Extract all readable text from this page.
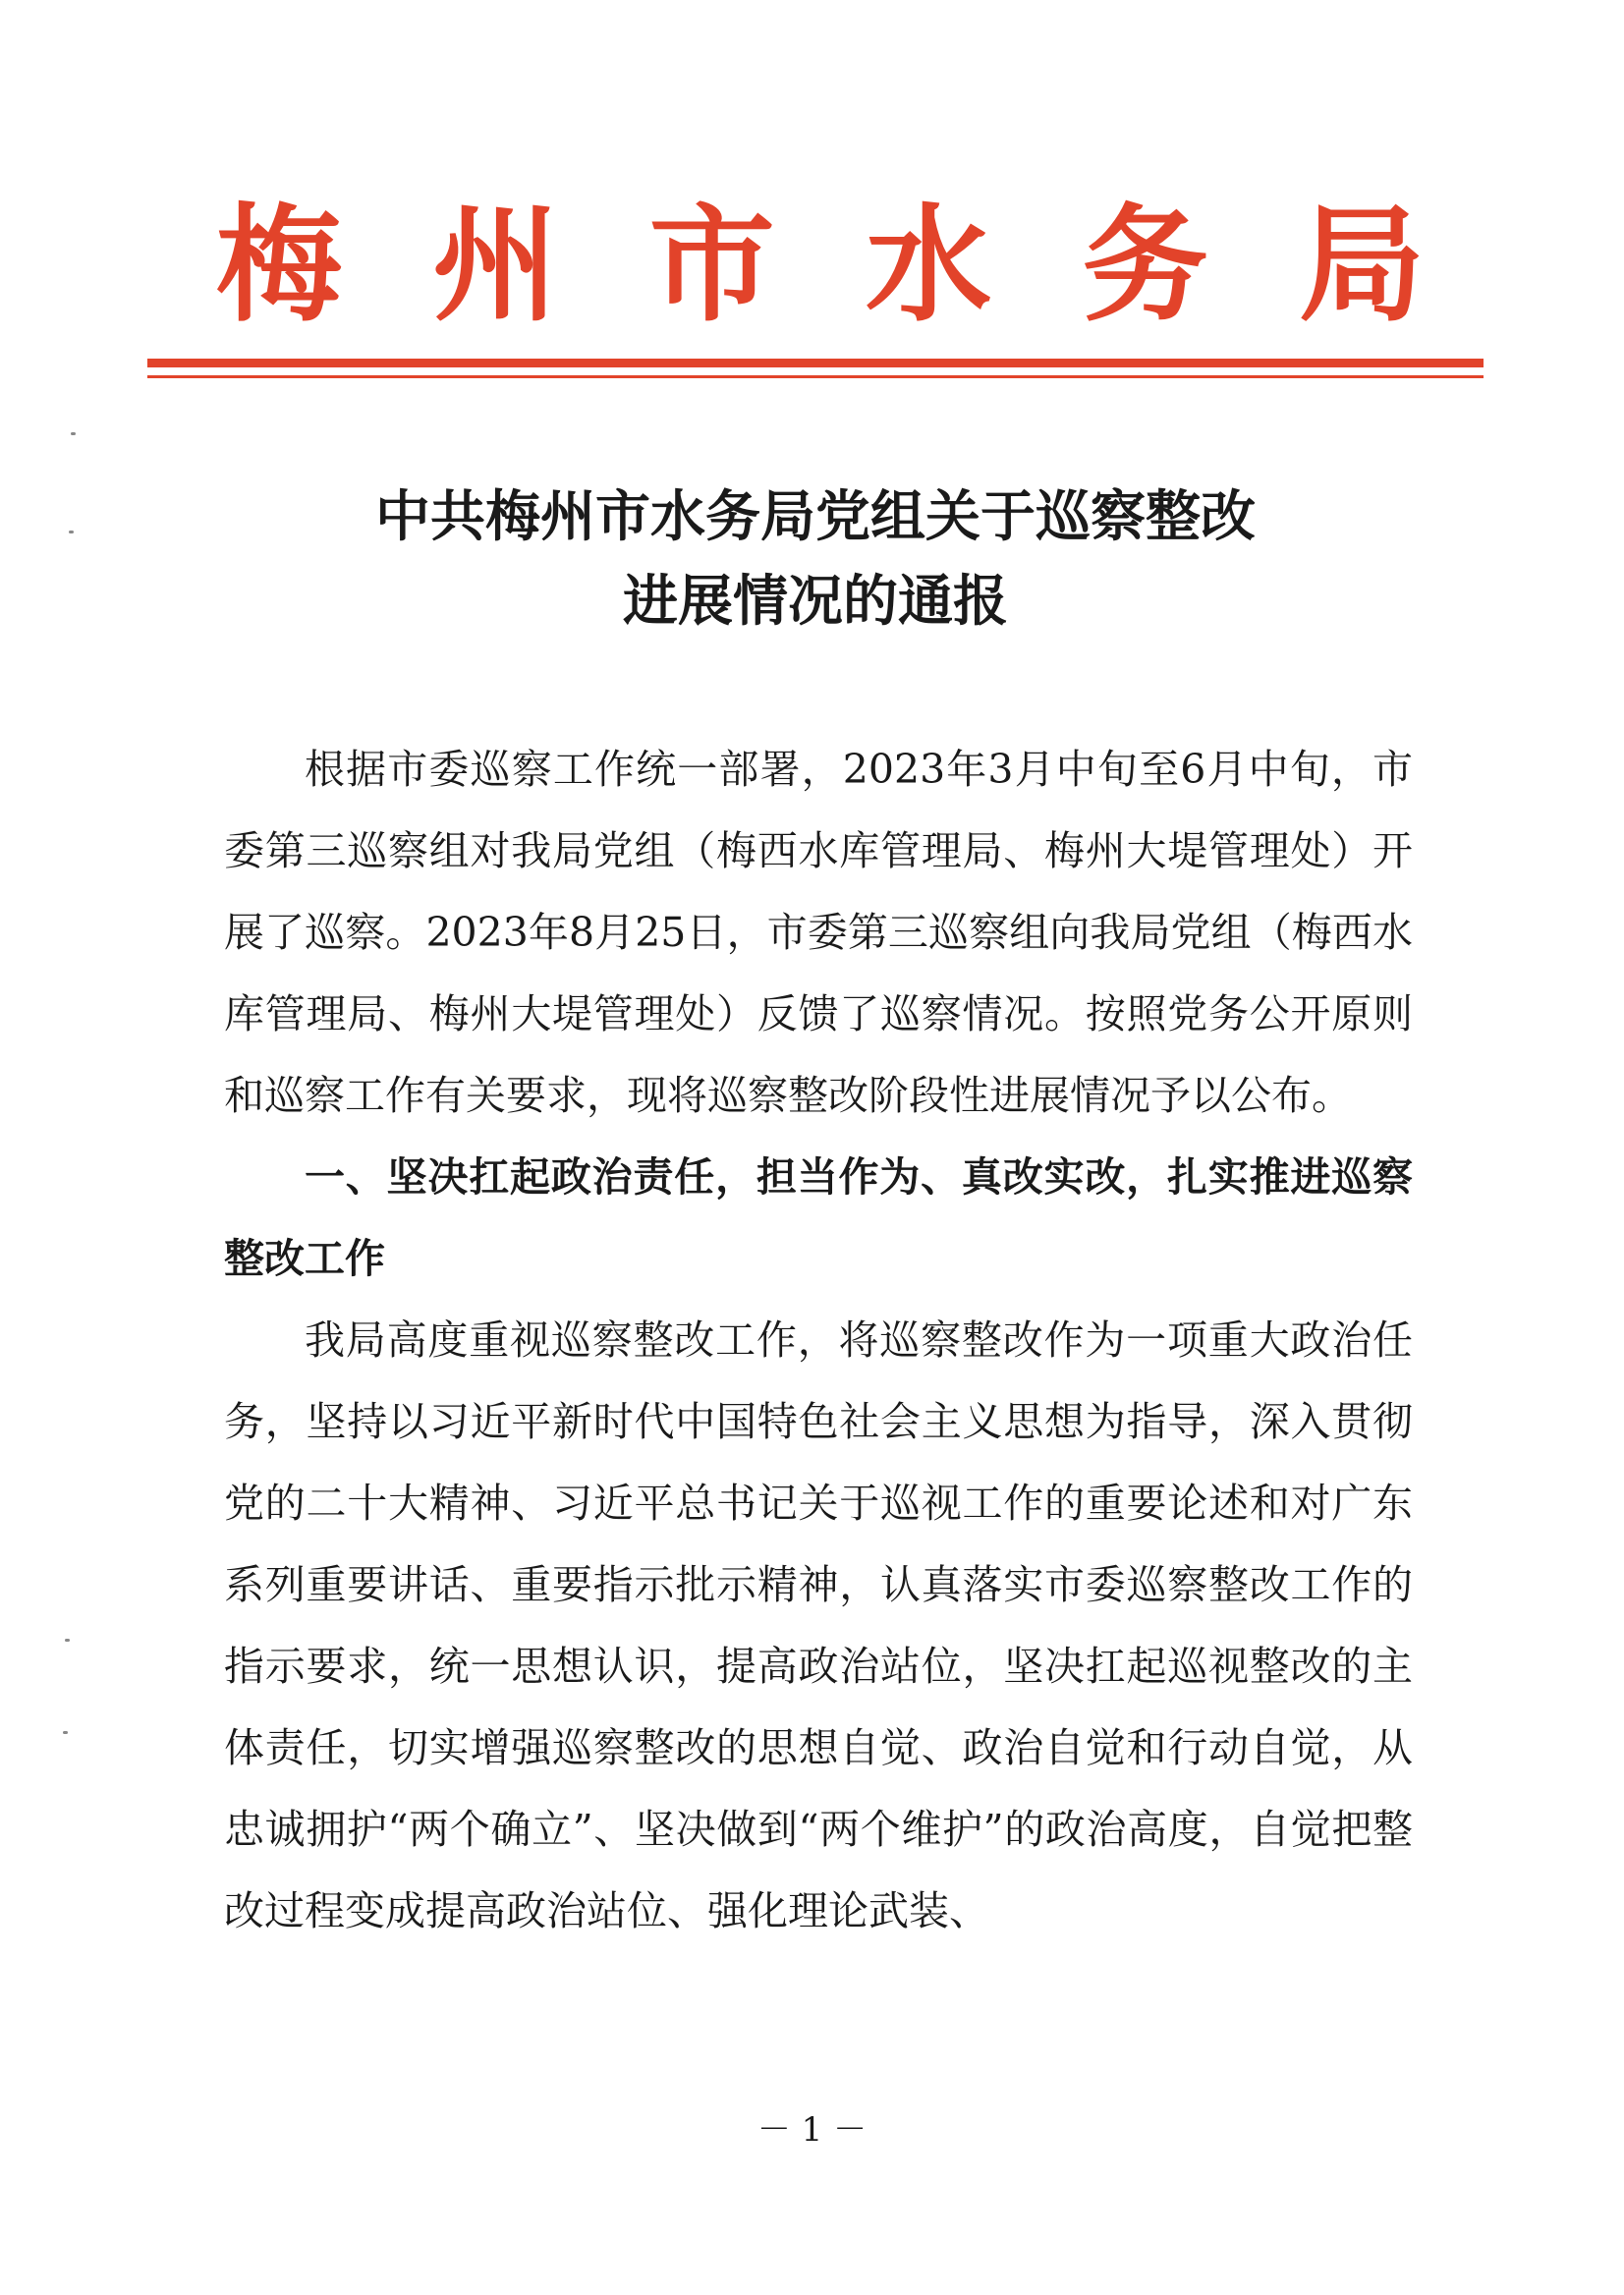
梅 州 市 水 务 局
中共梅州市水务局党组关于巡察整改
进展情况的通报

根据市委巡察工作统一部署，2023年3月中旬至6月中旬，市委第三巡察组对我局党组（梅西水库管理局、梅州大堤管理处）开展了巡察。2023年8月25日，市委第三巡察组向我局党组（梅西水库管理局、梅州大堤管理处）反馈了巡察情况。按照党务公开原则和巡察工作有关要求，现将巡察整改阶段性进展情况予以公布。

一、坚决扛起政治责任，担当作为、真改实改，扎实推进巡察整改工作

我局高度重视巡察整改工作，将巡察整改作为一项重大政治任务，坚持以习近平新时代中国特色社会主义思想为指导，深入贯彻党的二十大精神、习近平总书记关于巡视工作的重要论述和对广东系列重要讲话、重要指示批示精神，认真落实市委巡察整改工作的指示要求，统一思想认识，提高政治站位，坚决扛起巡视整改的主体责任，切实增强巡察整改的思想自觉、政治自觉和行动自觉，从忠诚拥护“两个确立”、坚决做到“两个维护”的政治高度，自觉把整改过程变成提高政治站位、强化理论武装、

－ 1 －
